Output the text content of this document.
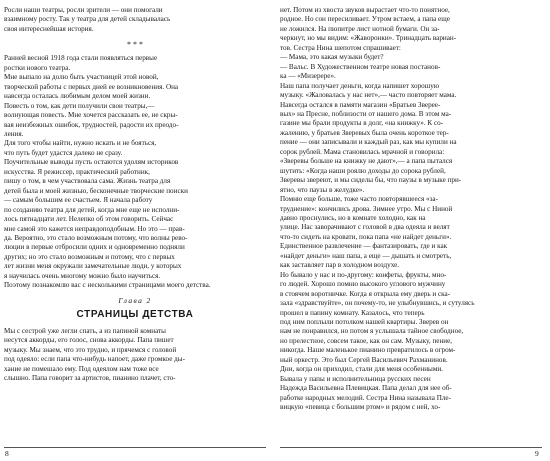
Росли наши театры, росли зрители — они помогали
взаимному росту. Так у театра для детей складывалась
своя интереснейшая история.
* * *
Ранней весной 1918 года стали появляться первые
ростки нового театра.
Мне выпало на долю быть участницей этой новой,
творческой работы с первых дней ее возникновения. Она
навсегда осталась любимым делом моей жизни.
Повесть о том, как дети получили свои театры,—
волнующая повесть. Мне хочется рассказать ее, не скры-
вая неизбежных ошибок, трудностей, радости их преодо-
ления.
Для того чтобы найти, нужно искать и не бояться,
что путь будет удастся далеко не сразу.
Поучительные выводы пусть остаются удолям историков
искусства. Я режиссер, практический работник,
пишу о том, в чем участвовала сама. Жизнь театра для
детей была и моей жизнью, бесконечные творческие поиски
— самым большим ее счастьем. Я начала работу
по созданию театра для детей, когда мне еще не исполни-
лось пятнадцати лет. Нелепко об этом говорить. Сейчас
мне самой это кажется неправдоподобным. Но это — прав-
да. Вероятно, это стало возможным потому, что волны рево-
люции в первые отбросили одних и одновременно подняли
других; но это стало возможным и потому, что с первых
лет жизни меня окружали замечательные люди, у которых
я научилась очень многому можно было научиться.
Поэтому познакомлю вас с несколькими страницами моего детства.
Глава 2
СТРАНИЦЫ ДЕТСТВА
Мы с сестрой уже легли спать, а из папиной комнаты
несутся аккорды, его голос, снова аккорды. Папа пишет
музыку. Мы знаем, что это трудно, и прячемся с головой
под одеяло: если папа что-нибудь напоет, даже громкое ды-
хание не помешало ему. Под одеялом нам тоже все
слышно. Папа говорит за артистов, пианино плачет, сто-
8
нет. Потом из хвоста звуков вырастает что-то понятное,
родное. Но сон пересиливает. Утром встаем, а папа еще
не ложился. На пюпитре лист нотной бумаги. Он за-
черкнут, но мы видим: «Жаворонки». Тринадцать вариан-
тов. Сестра Нина шепотом спрашивает:
— Мама, это какая музыки будет?
— Вальс. В Художественном театре новая постанов-
ка — «Мизерере».
Наш папа получает деньги, когда напишет хорошую
музыку. «Жаловалась у нас нет»,— часто повторяет мама.
Навсегда остался в памяти магазин «Братьев Зверее-
вых» на Пресне, поблизости от нашего дома. В этом ма-
газине мы брали продукты в долг, «на книжку». К со-
жалению, у братьев Зверевых была очень короткое тер-
пение — они записывали и каждый раз, как мы купили на
сорок рублей. Мама становилась мрачной и говорила:
«Зверевы больше на книжку не дают»,— а папа пытался
шутить: «Когда наши роялю доходы до сорока рублей,
Зверевы звереют, и мы сиделы бы, что паузы в музыке при-
ятно, что паузы в желудке».
Помню еще больше, тоже часто повторявшееся «за-
труднение»: кончились дрова. Зимнее утро. Мы с Ниной
давно проснулись, но в комнате холодно, как на
улице. Нас заворачивают с головой в два одеяла и велят
что-то сидеть на кровати, пока папа «не найдет деньги».
Единственное развлечение — фантазировать, где и как
«найдет деньги» наш папа, а еще — дышать и смотреть,
как заставляет пар в холодном воздухе.
Но бывало у нас и по-другому: конфеты, фрукты, мно-
го людей. Хорошо помню высокого углового мужчину
в стоячем воротничке. Когда я открыла ему дверь и ска-
зала «здравствуйте», он почему-то, не улыбнувшись, и сутулясь
прошел в папину комнату. Казалось, что теперь
под ним поплыли потолком нашей квартиры. Зверев он
нам не понравился, но потом я услышала тайное свободное,
но прелестное, совсем такое, как он сам. Музыку, пение,
никогда. Наше маленькое пианино превратилось в огром-
ный оркестр. Это был Сергей Васильевич Рахманинов.
Дни, когда он приходил, стали для меня особенными.
Бывала у папы и исполнительница русских песен
Надежда Васильевна Плевицкая. Папа делал для нее об-
работке народных мелодий. Сестра Нина называла Пле-
вицкую «певица с большим ртом» и рядом с ней, хо-
9
